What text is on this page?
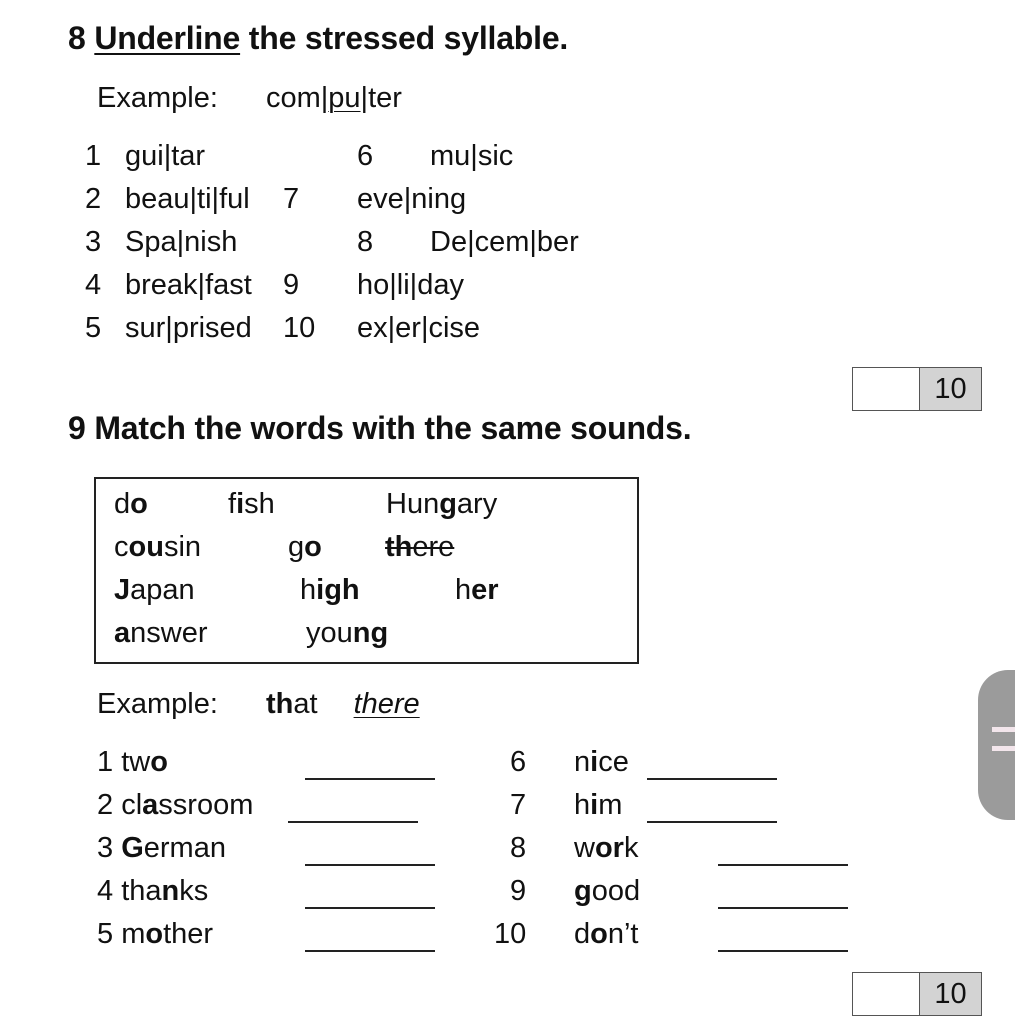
8 Underline the stressed syllable.
Example: com|pu|ter
1 gui|tar
2 beau|ti|ful
3 Spa|nish
4 break|fast
5 sur|prised
6 mu|sic
7 eve|ning
8 De|cem|ber
9 ho|li|day
10 ex|er|cise
10
9 Match the words with the same sounds.
do	fish	Hungary
cousin	go there
Japan	high	her
answer	young
Example: that there
1 two
2 classroom
3 German
4 thanks
5 mother
6 nice
7 him
8 work
9 good
10 don’t
10
